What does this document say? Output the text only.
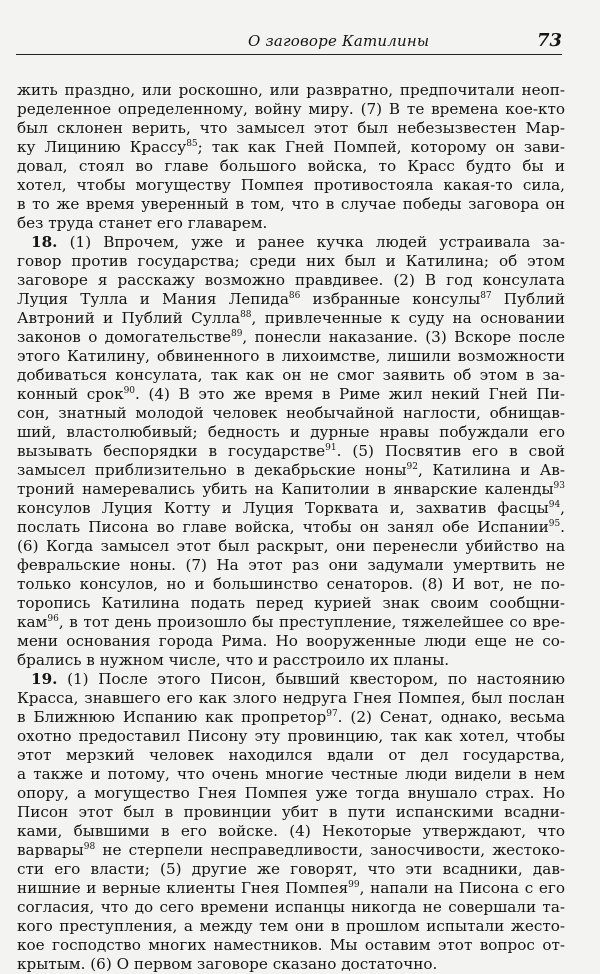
О заговоре Катилины	73
жить праздно, или роскошно, или развратно, предпочитали неоп-
ределенное определенному, войну миру. (7) В те времена кое-кто
был склонен верить, что замысел этот был небезызвестен Мар-
ку Лицинию Крассу$^{85}$; так как Гней Помпей, которому он зави-
довал, стоял во главе большого войска, то Красс будто бы и
хотел, чтобы могуществу Помпея противостояла какая-то сила,
в то же время уверенный в том, что в случае победы заговора он
без труда станет его главарем.
18. (1) Впрочем, уже и ранее кучка людей устраивала за-
говор против государства; среди них был и Катилина; об этом
заговоре я расскажу возможно правдивее. (2) В год консулата
Луция Тулла и Мания Лепида$^{86}$ избранные консулы$^{87}$ Публий
Автроний и Публий Сулла$^{88}$, привлеченные к суду на основании
законов о домогательстве$^{89}$, понесли наказание. (3) Вскоре после
этого Катилину, обвиненного в лихоимстве, лишили возможности
добиваться консулата, так как он не смог заявить об этом в за-
конный срок$^{90}$. (4) В это же время в Риме жил некий Гней Пи-
сон, знатный молодой человек необычайной наглости, обнищав-
ший, властолюбивый; бедность и дурные нравы побуждали его
вызывать беспорядки в государстве$^{91}$. (5) Посвятив его в свой
замысел приблизительно в декабрьские ноны$^{92}$, Катилина и Ав-
троний намеревались убить на Капитолии в январские календы$^{93}$
консулов Луция Котту и Луция Торквата и, захватив фасцы$^{94}$,
послать Писона во главе войска, чтобы он занял обе Испании$^{95}$.
(6) Когда замысел этот был раскрыт, они перенесли убийство на
февральские ноны. (7) На этот раз они задумали умертвить не
только консулов, но и большинство сенаторов. (8) И вот, не по-
торопись Катилина подать перед курией знак своим сообщни-
кам$^{96}$, в тот день произошло бы преступление, тяжелейшее со вре-
мени основания города Рима. Но вооруженные люди еще не со-
брались в нужном числе, что и расстроило их планы.
19. (1) После этого Писон, бывший квестором, по настоянию
Красса, знавшего его как злого недруга Гнея Помпея, был послан
в Ближнюю Испанию как пропретор$^{97}$. (2) Сенат, однако, весьма
охотно предоставил Писону эту провинцию, так как хотел, чтобы
этот мерзкий человек находился вдали от дел государства,
а также и потому, что очень многие честные люди видели в нем
опору, а могущество Гнея Помпея уже тогда внушало страх. Но
Писон этот был в провинции убит в пути испанскими всадни-
ками, бывшими в его войске. (4) Некоторые утверждают, что
варвары$^{98}$ не стерпели несправедливости, заносчивости, жестоко-
сти его власти; (5) другие же говорят, что эти всадники, дав-
нишние и верные клиенты Гнея Помпея$^{99}$, напали на Писона с его
согласия, что до сего времени испанцы никогда не совершали та-
кого преступления, а между тем они в прошлом испытали жесто-
кое господство многих наместников. Мы оставим этот вопрос от-
крытым. (6) О первом заговоре сказано достаточно.
